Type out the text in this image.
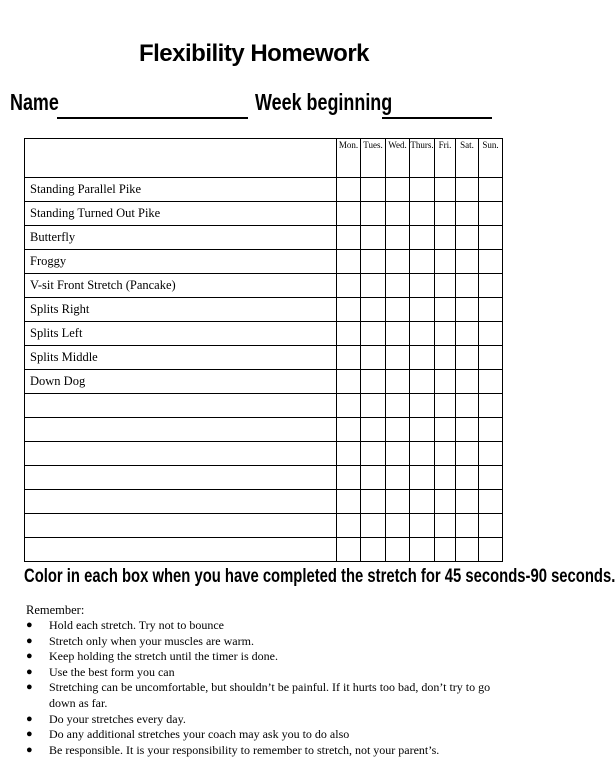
Flexibility Homework
Name	Week beginning
	Mon.	Tues.	Wed.	Thurs.	Fri.	Sat.	Sun.
Standing Parallel Pike							
Standing Turned Out Pike							
Butterfly							
Froggy							
V-sit Front Stretch (Pancake)							
Splits Right							
Splits Left							
Splits Middle							
Down Dog							

Color in each box when you have completed the stretch for 45 seconds-90 seconds.
Remember:
● Hold each stretch. Try not to bounce
● Stretch only when your muscles are warm.
● Keep holding the stretch until the timer is done.
● Use the best form you can
● Stretching can be uncomfortable, but shouldn’t be painful. If it hurts too bad, don’t try to go down as far.
● Do your stretches every day.
● Do any additional stretches your coach may ask you to do also
● Be responsible. It is your responsibility to remember to stretch, not your parent’s.
